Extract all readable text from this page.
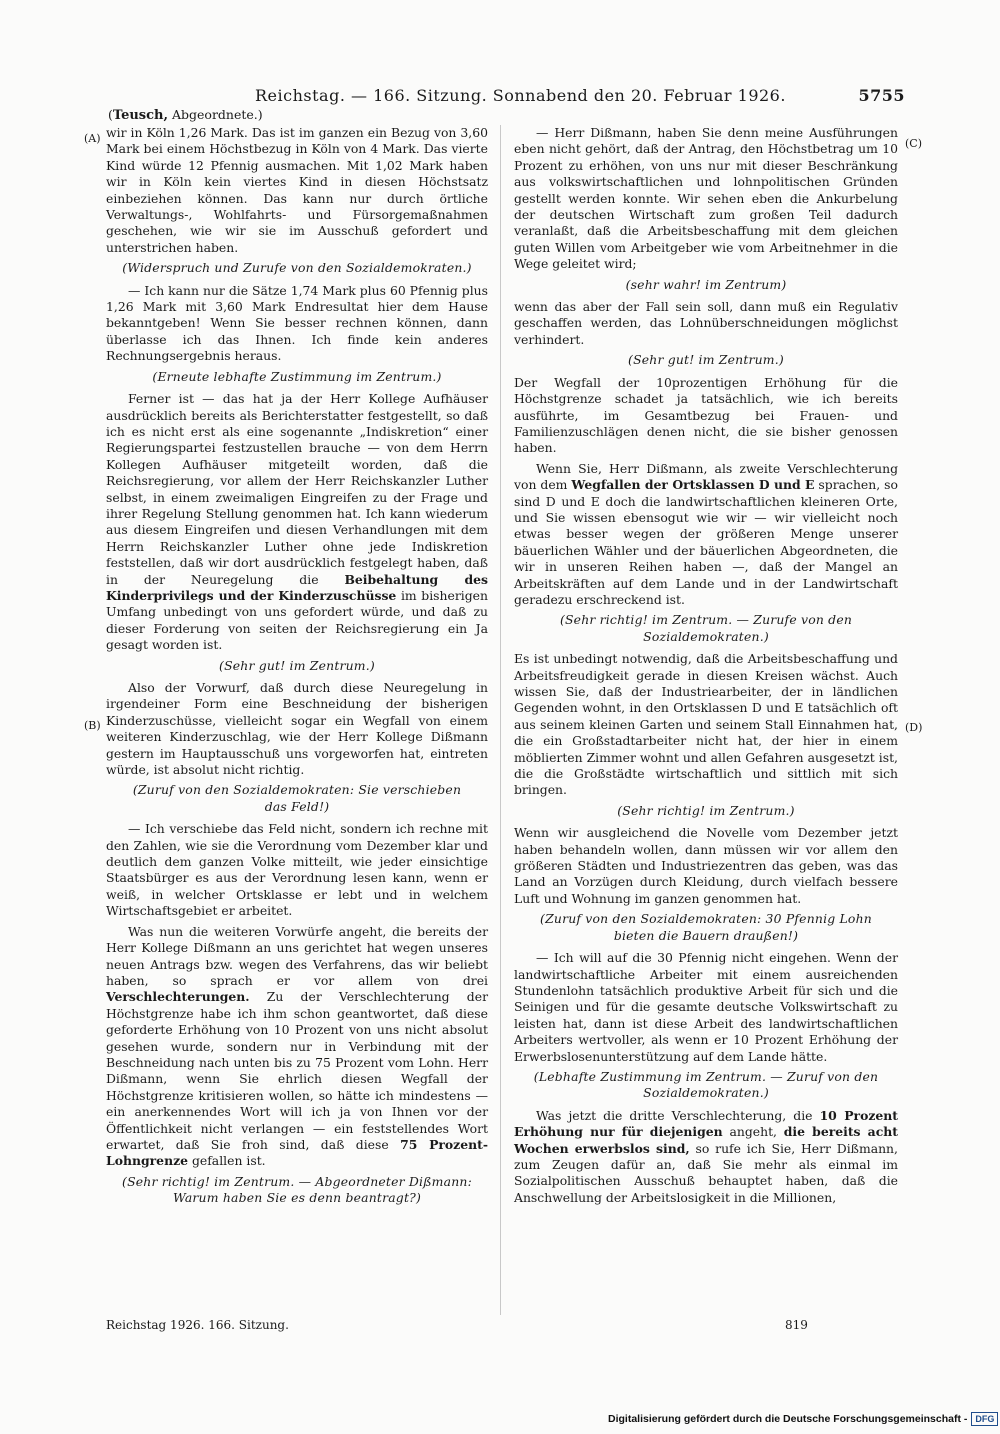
Reichstag. — 166. Sitzung. Sonnabend den 20. Februar 1926.	5755
(Teusch, Abgeordnete.)
(A)
(B)
(C)
(D)

wir in Köln 1,26 Mark. Das ist im ganzen ein Bezug von 3,60 Mark bei einem Höchstbezug in Köln von 4 Mark. Das vierte Kind würde 12 Pfennig ausmachen. Mit 1,02 Mark haben wir in Köln kein viertes Kind in diesen Höchstsatz einbeziehen können. Das kann nur durch örtliche Verwaltungs-, Wohlfahrts- und Fürsorgemaßnahmen geschehen, wie wir sie im Ausschuß gefordert und unterstrichen haben.

(Widerspruch und Zurufe von den Sozialdemokraten.)

— Ich kann nur die Sätze 1,74 Mark plus 60 Pfennig plus 1,26 Mark mit 3,60 Mark Endresultat hier dem Hause bekanntgeben! Wenn Sie besser rechnen können, dann überlasse ich das Ihnen. Ich finde kein anderes Rechnungsergebnis heraus.

(Erneute lebhafte Zustimmung im Zentrum.)

Ferner ist — das hat ja der Herr Kollege Aufhäuser ausdrücklich bereits als Berichterstatter festgestellt, so daß ich es nicht erst als eine sogenannte „Indiskretion“ einer Regierungspartei festzustellen brauche — von dem Herrn Kollegen Aufhäuser mitgeteilt worden, daß die Reichsregierung, vor allem der Herr Reichskanzler Luther selbst, in einem zweimaligen Eingreifen zu der Frage und ihrer Regelung Stellung genommen hat. Ich kann wiederum aus diesem Eingreifen und diesen Verhandlungen mit dem Herrn Reichskanzler Luther ohne jede Indiskretion feststellen, daß wir dort ausdrücklich festgelegt haben, daß in der Neuregelung die Beibehaltung des Kinderprivilegs und der Kinderzuschüsse im bisherigen Umfang unbedingt von uns gefordert würde, und daß zu dieser Forderung von seiten der Reichsregierung ein Ja gesagt worden ist.

(Sehr gut! im Zentrum.)

Also der Vorwurf, daß durch diese Neuregelung in irgendeiner Form eine Beschneidung der bisherigen Kinderzuschüsse, vielleicht sogar ein Wegfall von einem weiteren Kinderzuschlag, wie der Herr Kollege Dißmann gestern im Hauptausschuß uns vorgeworfen hat, eintreten würde, ist absolut nicht richtig.

(Zuruf von den Sozialdemokraten: Sie verschieben das Feld!)

— Ich verschiebe das Feld nicht, sondern ich rechne mit den Zahlen, wie sie die Verordnung vom Dezember klar und deutlich dem ganzen Volke mitteilt, wie jeder einsichtige Staatsbürger es aus der Verordnung lesen kann, wenn er weiß, in welcher Ortsklasse er lebt und in welchem Wirtschaftsgebiet er arbeitet.

Was nun die weiteren Vorwürfe angeht, die bereits der Herr Kollege Dißmann an uns gerichtet hat wegen unseres neuen Antrags bzw. wegen des Verfahrens, das wir beliebt haben, so sprach er vor allem von drei Verschlechterungen. Zu der Verschlechterung der Höchstgrenze habe ich ihm schon geantwortet, daß diese geforderte Erhöhung von 10 Prozent von uns nicht absolut gesehen wurde, sondern nur in Verbindung mit der Beschneidung nach unten bis zu 75 Prozent vom Lohn. Herr Dißmann, wenn Sie ehrlich diesen Wegfall der Höchstgrenze kritisieren wollen, so hätte ich mindestens — ein anerkennendes Wort will ich ja von Ihnen vor der Öffentlichkeit nicht verlangen — ein feststellendes Wort erwartet, daß Sie froh sind, daß diese 75 Prozent-Lohngrenze gefallen ist.

(Sehr richtig! im Zentrum. — Abgeordneter Dißmann: Warum haben Sie es denn beantragt?)

— Herr Dißmann, haben Sie denn meine Ausführungen eben nicht gehört, daß der Antrag, den Höchstbetrag um 10 Prozent zu erhöhen, von uns nur mit dieser Beschränkung aus volkswirtschaftlichen und lohnpolitischen Gründen gestellt werden konnte. Wir sehen eben die Ankurbelung der deutschen Wirtschaft zum großen Teil dadurch veranlaßt, daß die Arbeitsbeschaffung mit dem gleichen guten Willen vom Arbeitgeber wie vom Arbeitnehmer in die Wege geleitet wird;

(sehr wahr! im Zentrum)

wenn das aber der Fall sein soll, dann muß ein Regulativ geschaffen werden, das Lohnüberschneidungen möglichst verhindert.

(Sehr gut! im Zentrum.)

Der Wegfall der 10prozentigen Erhöhung für die Höchstgrenze schadet ja tatsächlich, wie ich bereits ausführte, im Gesamtbezug bei Frauen- und Familienzuschlägen denen nicht, die sie bisher genossen haben.

Wenn Sie, Herr Dißmann, als zweite Verschlechterung von dem Wegfallen der Ortsklassen D und E sprachen, so sind D und E doch die landwirtschaftlichen kleineren Orte, und Sie wissen ebensogut wie wir — wir vielleicht noch etwas besser wegen der größeren Menge unserer bäuerlichen Wähler und der bäuerlichen Abgeordneten, die wir in unseren Reihen haben —, daß der Mangel an Arbeitskräften auf dem Lande und in der Landwirtschaft geradezu erschreckend ist.

(Sehr richtig! im Zentrum. — Zurufe von den Sozialdemokraten.)

Es ist unbedingt notwendig, daß die Arbeitsbeschaffung und Arbeitsfreudigkeit gerade in diesen Kreisen wächst. Auch wissen Sie, daß der Industriearbeiter, der in ländlichen Gegenden wohnt, in den Ortsklassen D und E tatsächlich oft aus seinem kleinen Garten und seinem Stall Einnahmen hat, die ein Großstadtarbeiter nicht hat, der hier in einem möblierten Zimmer wohnt und allen Gefahren ausgesetzt ist, die die Großstädte wirtschaftlich und sittlich mit sich bringen.

(Sehr richtig! im Zentrum.)

Wenn wir ausgleichend die Novelle vom Dezember jetzt haben behandeln wollen, dann müssen wir vor allem den größeren Städten und Industriezentren das geben, was das Land an Vorzügen durch Kleidung, durch vielfach bessere Luft und Wohnung im ganzen genommen hat.

(Zuruf von den Sozialdemokraten: 30 Pfennig Lohn bieten die Bauern draußen!)

— Ich will auf die 30 Pfennig nicht eingehen. Wenn der landwirtschaftliche Arbeiter mit einem ausreichenden Stundenlohn tatsächlich produktive Arbeit für sich und die Seinigen und für die gesamte deutsche Volkswirtschaft zu leisten hat, dann ist diese Arbeit des landwirtschaftlichen Arbeiters wertvoller, als wenn er 10 Prozent Erhöhung der Erwerbslosenunterstützung auf dem Lande hätte.

(Lebhafte Zustimmung im Zentrum. — Zuruf von den Sozialdemokraten.)

Was jetzt die dritte Verschlechterung, die 10 Prozent Erhöhung nur für diejenigen angeht, die bereits acht Wochen erwerbslos sind, so rufe ich Sie, Herr Dißmann, zum Zeugen dafür an, daß Sie mehr als einmal im Sozialpolitischen Ausschuß behauptet haben, daß die Anschwellung der Arbeitslosigkeit in die Millionen,

Reichstag 1926. 166. Sitzung.	819
Digitalisierung gefördert durch die Deutsche Forschungsgemeinschaft - DFG
